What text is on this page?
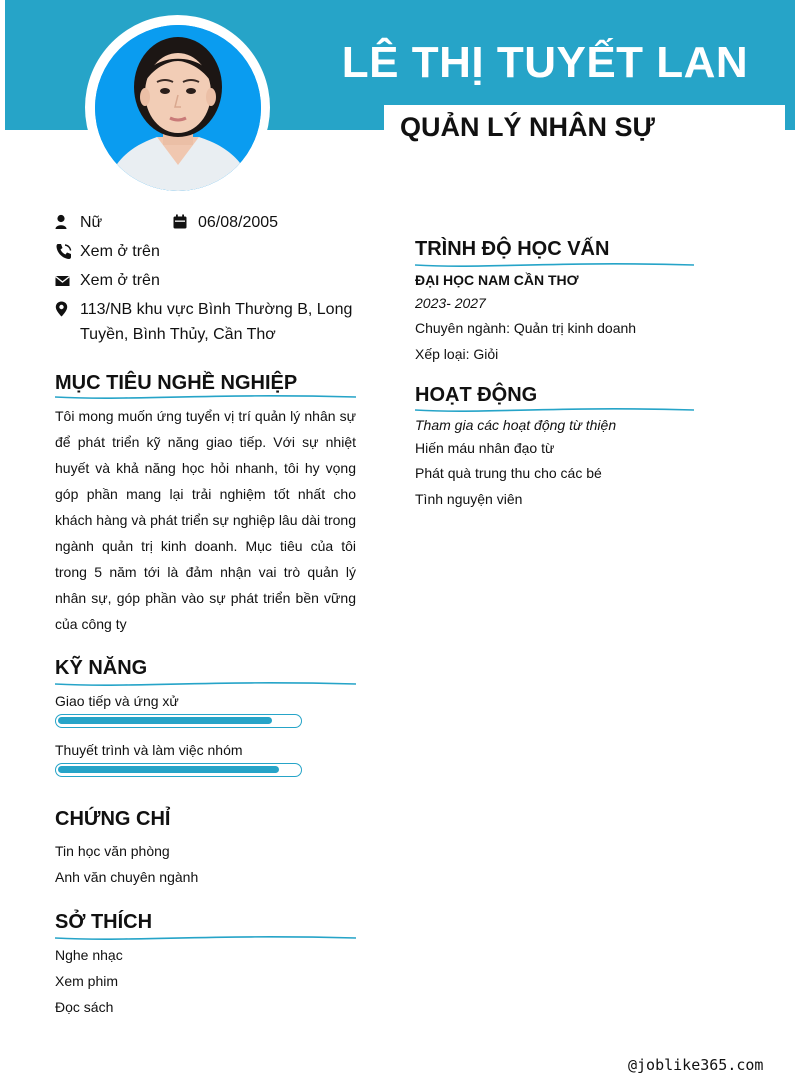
LÊ THỊ TUYẾT LAN
QUẢN LÝ NHÂN SỰ
Nữ	06/08/2005
Xem ở trên
Xem ở trên
113/NB khu vực Bình Thường B, Long Tuyền, Bình Thủy, Cần Thơ
MỤC TIÊU NGHỀ NGHIỆP
Tôi mong muốn ứng tuyển vị trí quản lý nhân sự để phát triển kỹ năng giao tiếp. Với sự nhiệt huyết và khả năng học hỏi nhanh, tôi hy vọng góp phần mang lại trải nghiệm tốt nhất cho khách hàng và phát triển sự nghiệp lâu dài trong ngành quản trị kinh doanh. Mục tiêu của tôi trong 5 năm tới là đảm nhận vai trò quản lý nhân sự, góp phần vào sự phát triển bền vững của công ty
KỸ NĂNG
Giao tiếp và ứng xử
Thuyết trình và làm việc nhóm
CHỨNG CHỈ
Tin học văn phòng
Anh văn chuyên ngành
SỞ THÍCH
Nghe nhạc
Xem phim
Đọc sách
TRÌNH ĐỘ HỌC VẤN
ĐẠI HỌC NAM CẦN THƠ
2023- 2027
Chuyên ngành: Quản trị kinh doanh
Xếp loại: Giỏi
HOẠT ĐỘNG
Tham gia các hoạt động từ thiện
Hiến máu nhân đạo từ
Phát quà trung thu cho các bé
Tình nguyện viên
@joblike365.com
